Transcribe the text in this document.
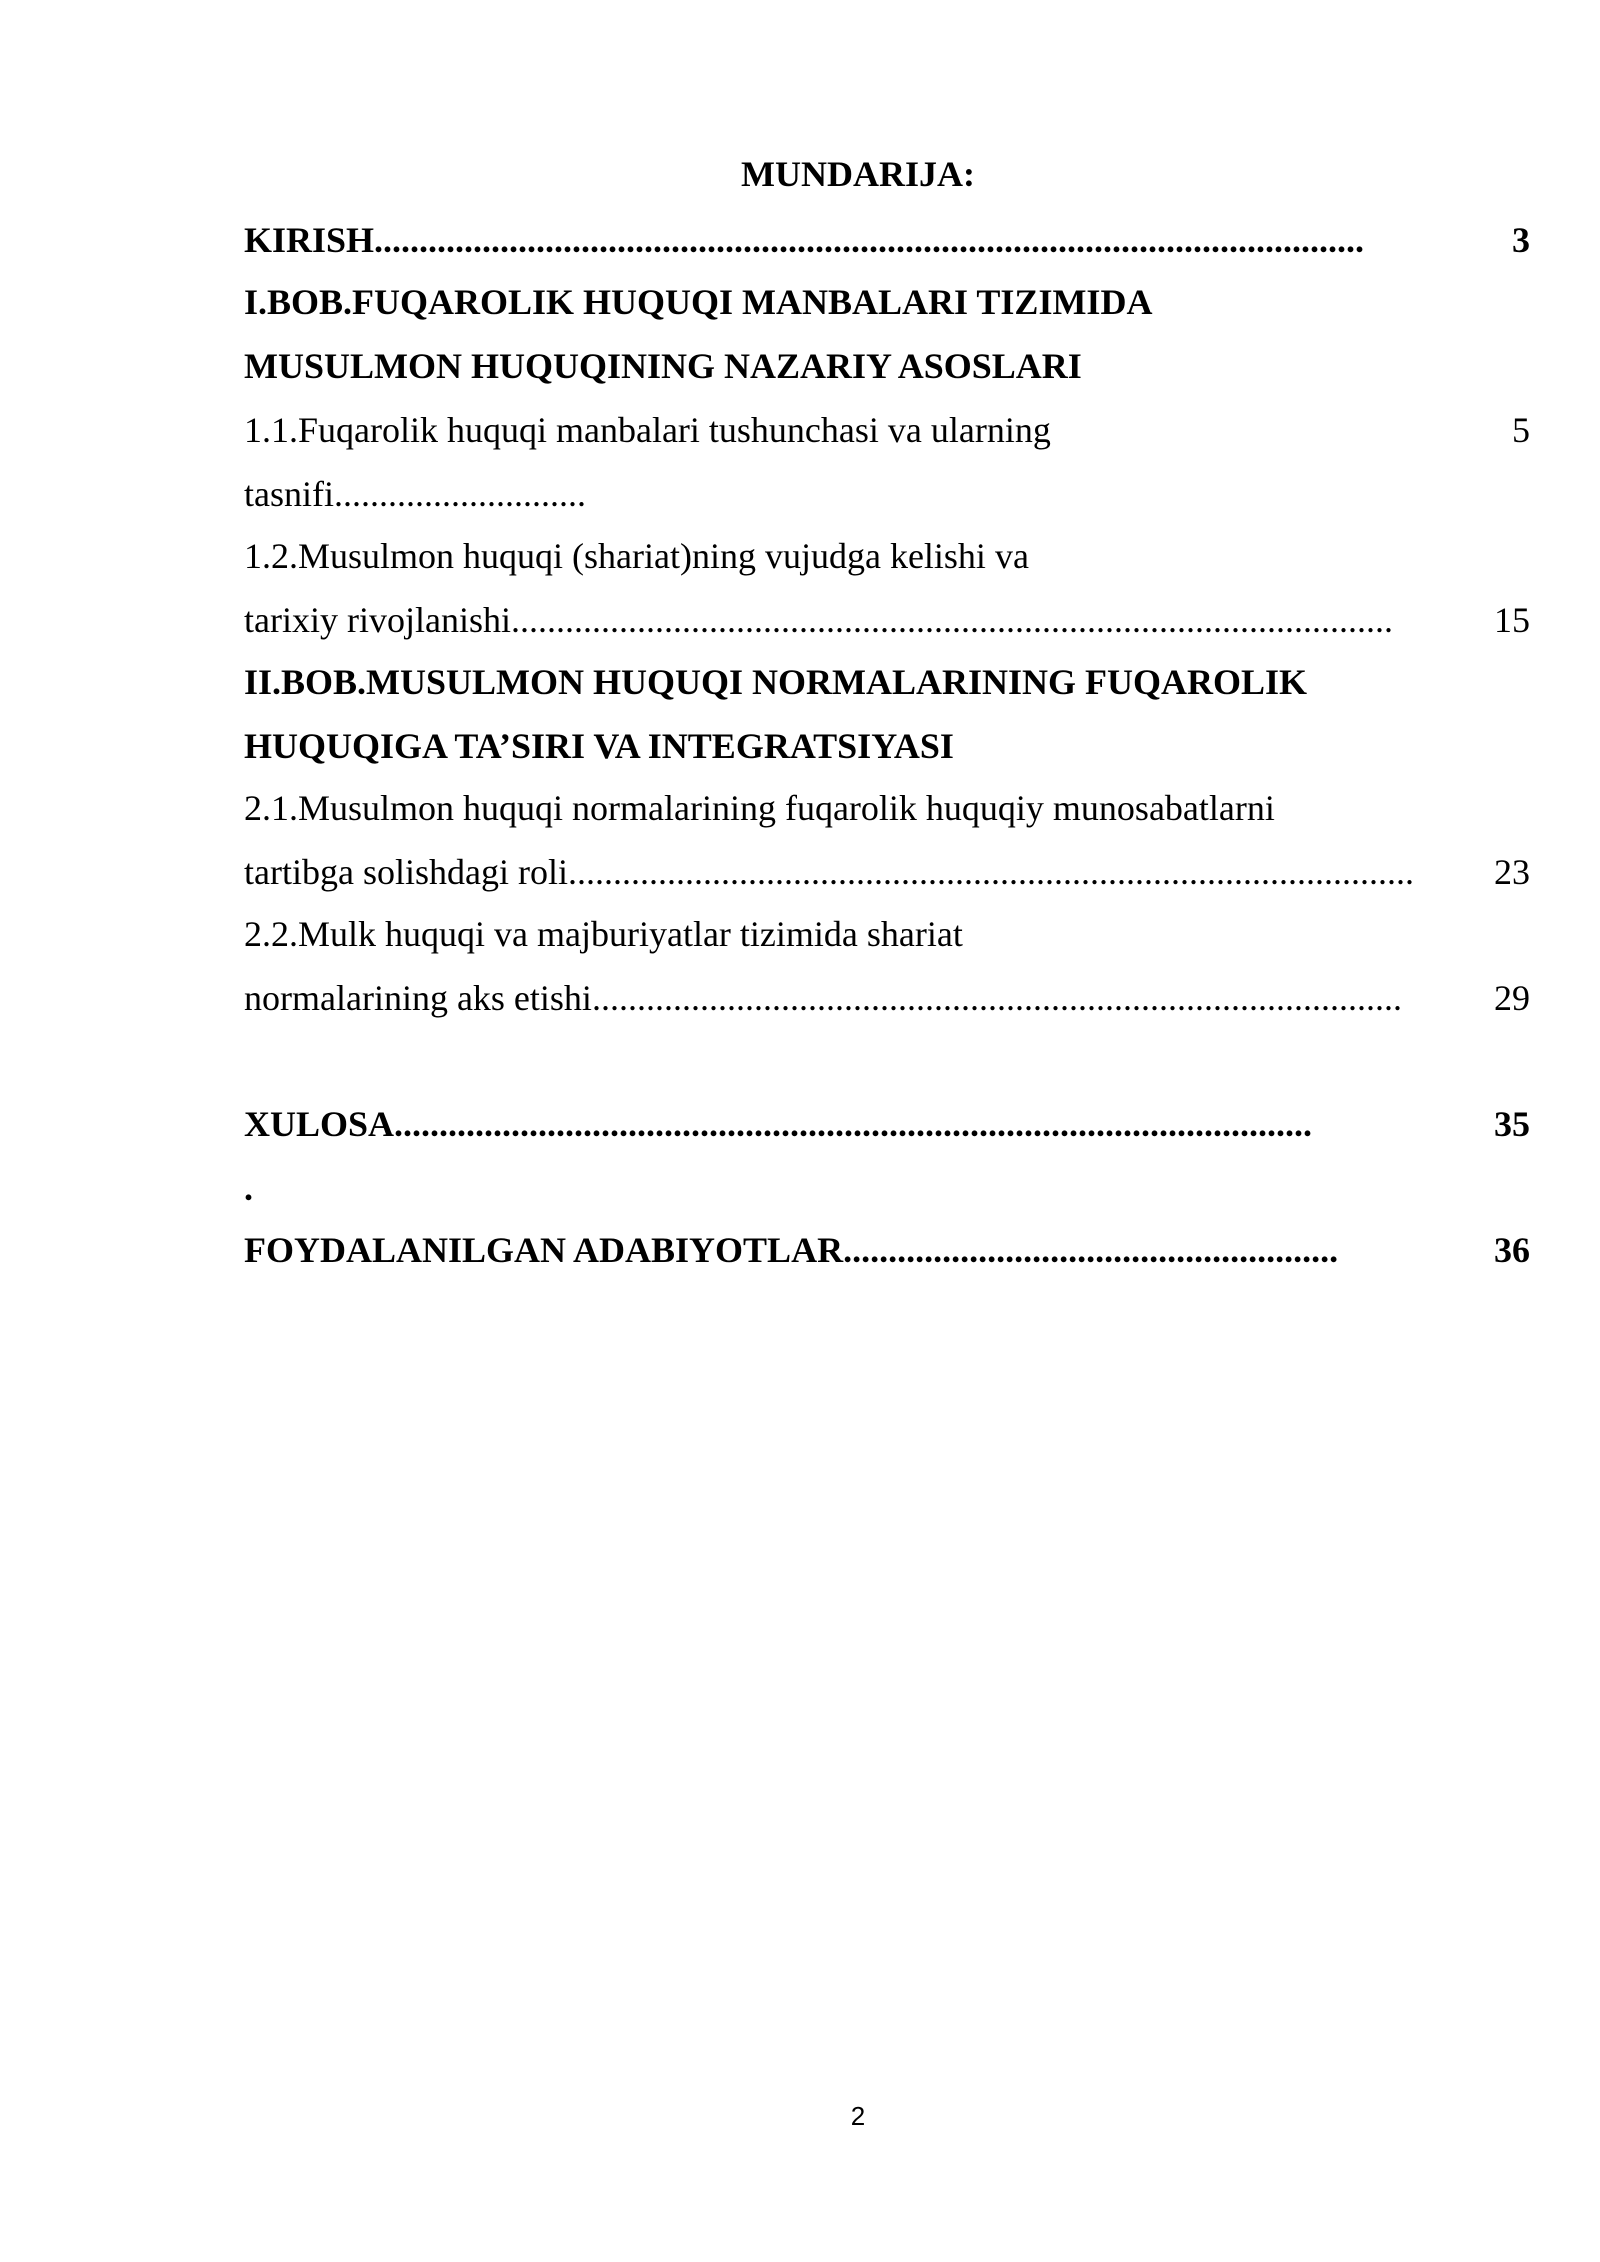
MUNDARIJA:
KIRISH..............................................................................................................	3
I.BOB.FUQAROLIK HUQUQI MANBALARI TIZIMIDA
MUSULMON HUQUQINING NAZARIY ASOSLARI
1.1.Fuqarolik huquqi manbalari tushunchasi va ularning	5
tasnifi............................
1.2.Musulmon huquqi (shariat)ning vujudga kelishi va
tarixiy rivojlanishi..................................................................................................	15
II.BOB.MUSULMON HUQUQI NORMALARINING FUQAROLIK
HUQUQIGA TA’SIRI VA INTEGRATSIYASI
2.1.Musulmon huquqi normalarining fuqarolik huquqiy munosabatlarni
tartibga solishdagi roli..............................................................................................	23
2.2.Mulk huquqi va majburiyatlar tizimida shariat
normalarining aks etishi..........................................................................................	29
XULOSA......................................................................................................	35
.
FOYDALANILGAN ADABIYOTLAR.......................................................	36
2
